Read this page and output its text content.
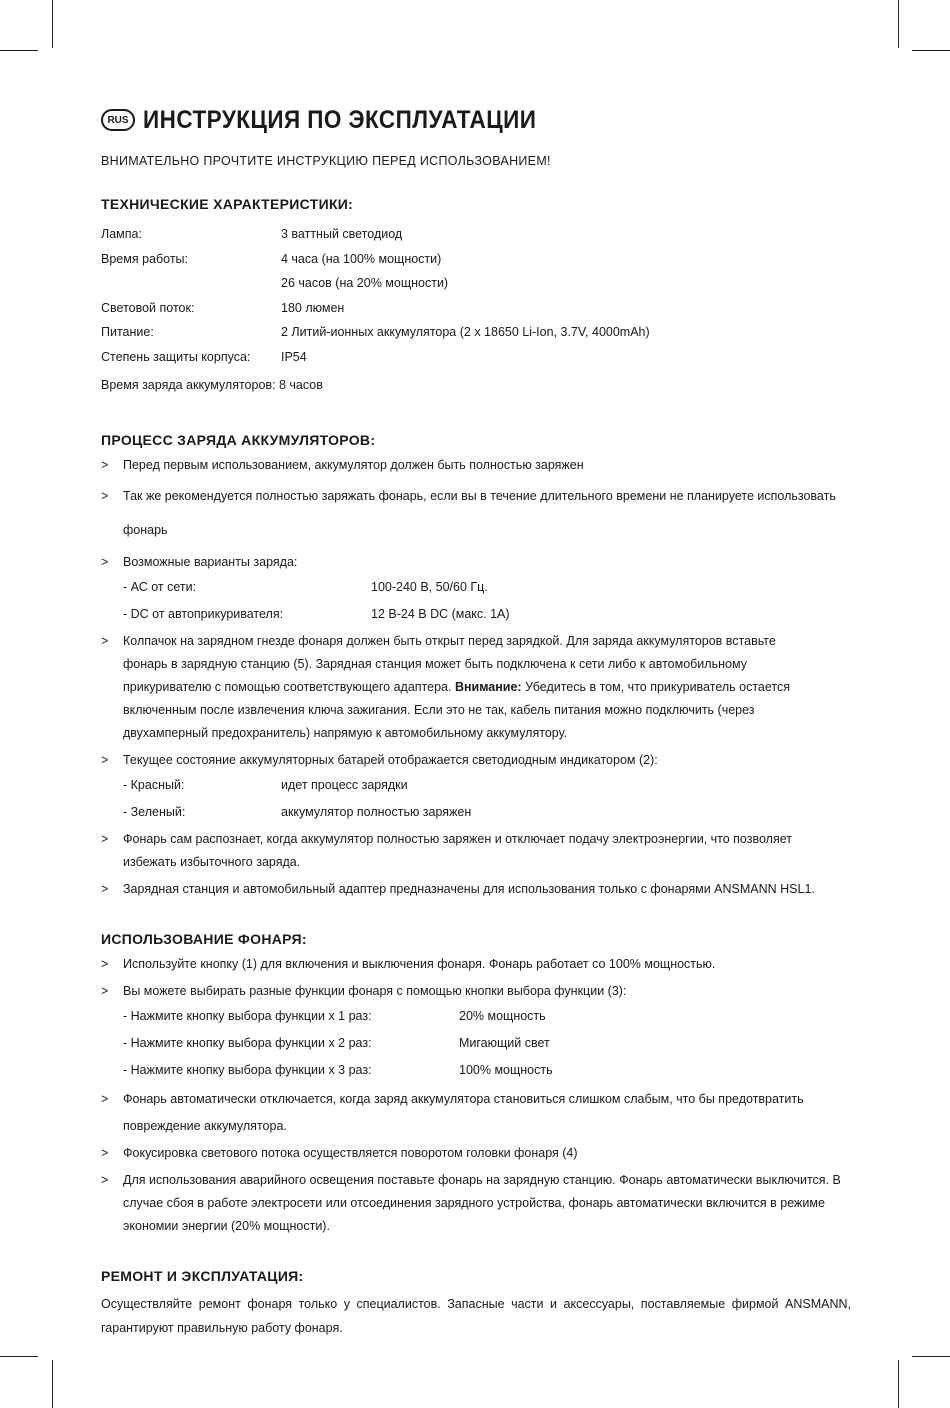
RUS ИНСТРУКЦИЯ ПО ЭКСПЛУАТАЦИИ
ВНИМАТЕЛЬНО ПРОЧТИТЕ ИНСТРУКЦИЮ ПЕРЕД ИСПОЛЬЗОВАНИЕМ!
ТЕХНИЧЕСКИЕ ХАРАКТЕРИСТИКИ:
Лампа:	3 ваттный светодиод
Время работы:	4 часа (на 100% мощности)
26 часов (на 20% мощности)
Световой поток:	180 люмен
Питание:	2 Литий-ионных аккумулятора (2 х 18650 Li-Ion, 3.7V, 4000mAh)
Степень защиты корпуса:	IP54
Время заряда аккумуляторов: 8 часов
ПРОЦЕСС ЗАРЯДА АККУМУЛЯТОРОВ:
>	Перед первым использованием, аккумулятор должен быть полностью заряжен
>	Так же рекомендуется полностью заряжать фонарь, если вы в течение длительного времени не планируете использовать фонарь
>	Возможные варианты заряда:
- АС от сети:	100-240 В, 50/60 Гц.
- DC от автоприкуривателя:	12 В-24 В DC (макс. 1А)
>	Колпачок на зарядном гнезде фонаря должен быть открыт перед зарядкой. Для заряда аккумуляторов вставьте фонарь в зарядную станцию (5). Зарядная станция может быть подключена к сети либо к автомобильному прикуривателю с помощью соответствующего адаптера. Внимание: Убедитесь в том, что прикуриватель остается включенным после извлечения ключа зажигания. Если это не так, кабель питания можно подключить (через двухамперный предохранитель) напрямую к автомобильному аккумулятору.
>	Текущее состояние аккумуляторных батарей отображается светодиодным индикатором (2):
- Красный:	идет процесс зарядки
- Зеленый:	аккумулятор полностью заряжен
>	Фонарь сам распознает, когда аккумулятор полностью заряжен и отключает подачу электроэнергии, что позволяет избежать избыточного заряда.
>	Зарядная станция и автомобильный адаптер предназначены для использования только с фонарями ANSMANN HSL1.
ИСПОЛЬЗОВАНИЕ ФОНАРЯ:
>	Используйте кнопку (1) для включения и выключения фонаря. Фонарь работает со 100% мощностью.
>	Вы можете выбирать разные функции фонаря с помощью кнопки выбора функции (3):
- Нажмите кнопку выбора функции х 1 раз:	20% мощность
- Нажмите кнопку выбора функции х 2 раз:	Мигающий свет
- Нажмите кнопку выбора функции х 3 раз:	100% мощность
>	Фонарь автоматически отключается, когда заряд аккумулятора становиться слишком слабым, что бы предотвратить повреждение аккумулятора.
>	Фокусировка светового потока осуществляется поворотом головки фонаря (4)
>	Для использования аварийного освещения поставьте фонарь на зарядную станцию. Фонарь автоматически выключится. В случае сбоя в работе электросети или отсоединения зарядного устройства, фонарь автоматически включится в режиме экономии энергии (20% мощности).
РЕМОНТ И ЭКСПЛУАТАЦИЯ:
Осуществляйте ремонт фонаря только у специалистов. Запасные части и аксессуары, поставляемые фирмой ANSMANN, гарантируют правильную работу фонаря.
